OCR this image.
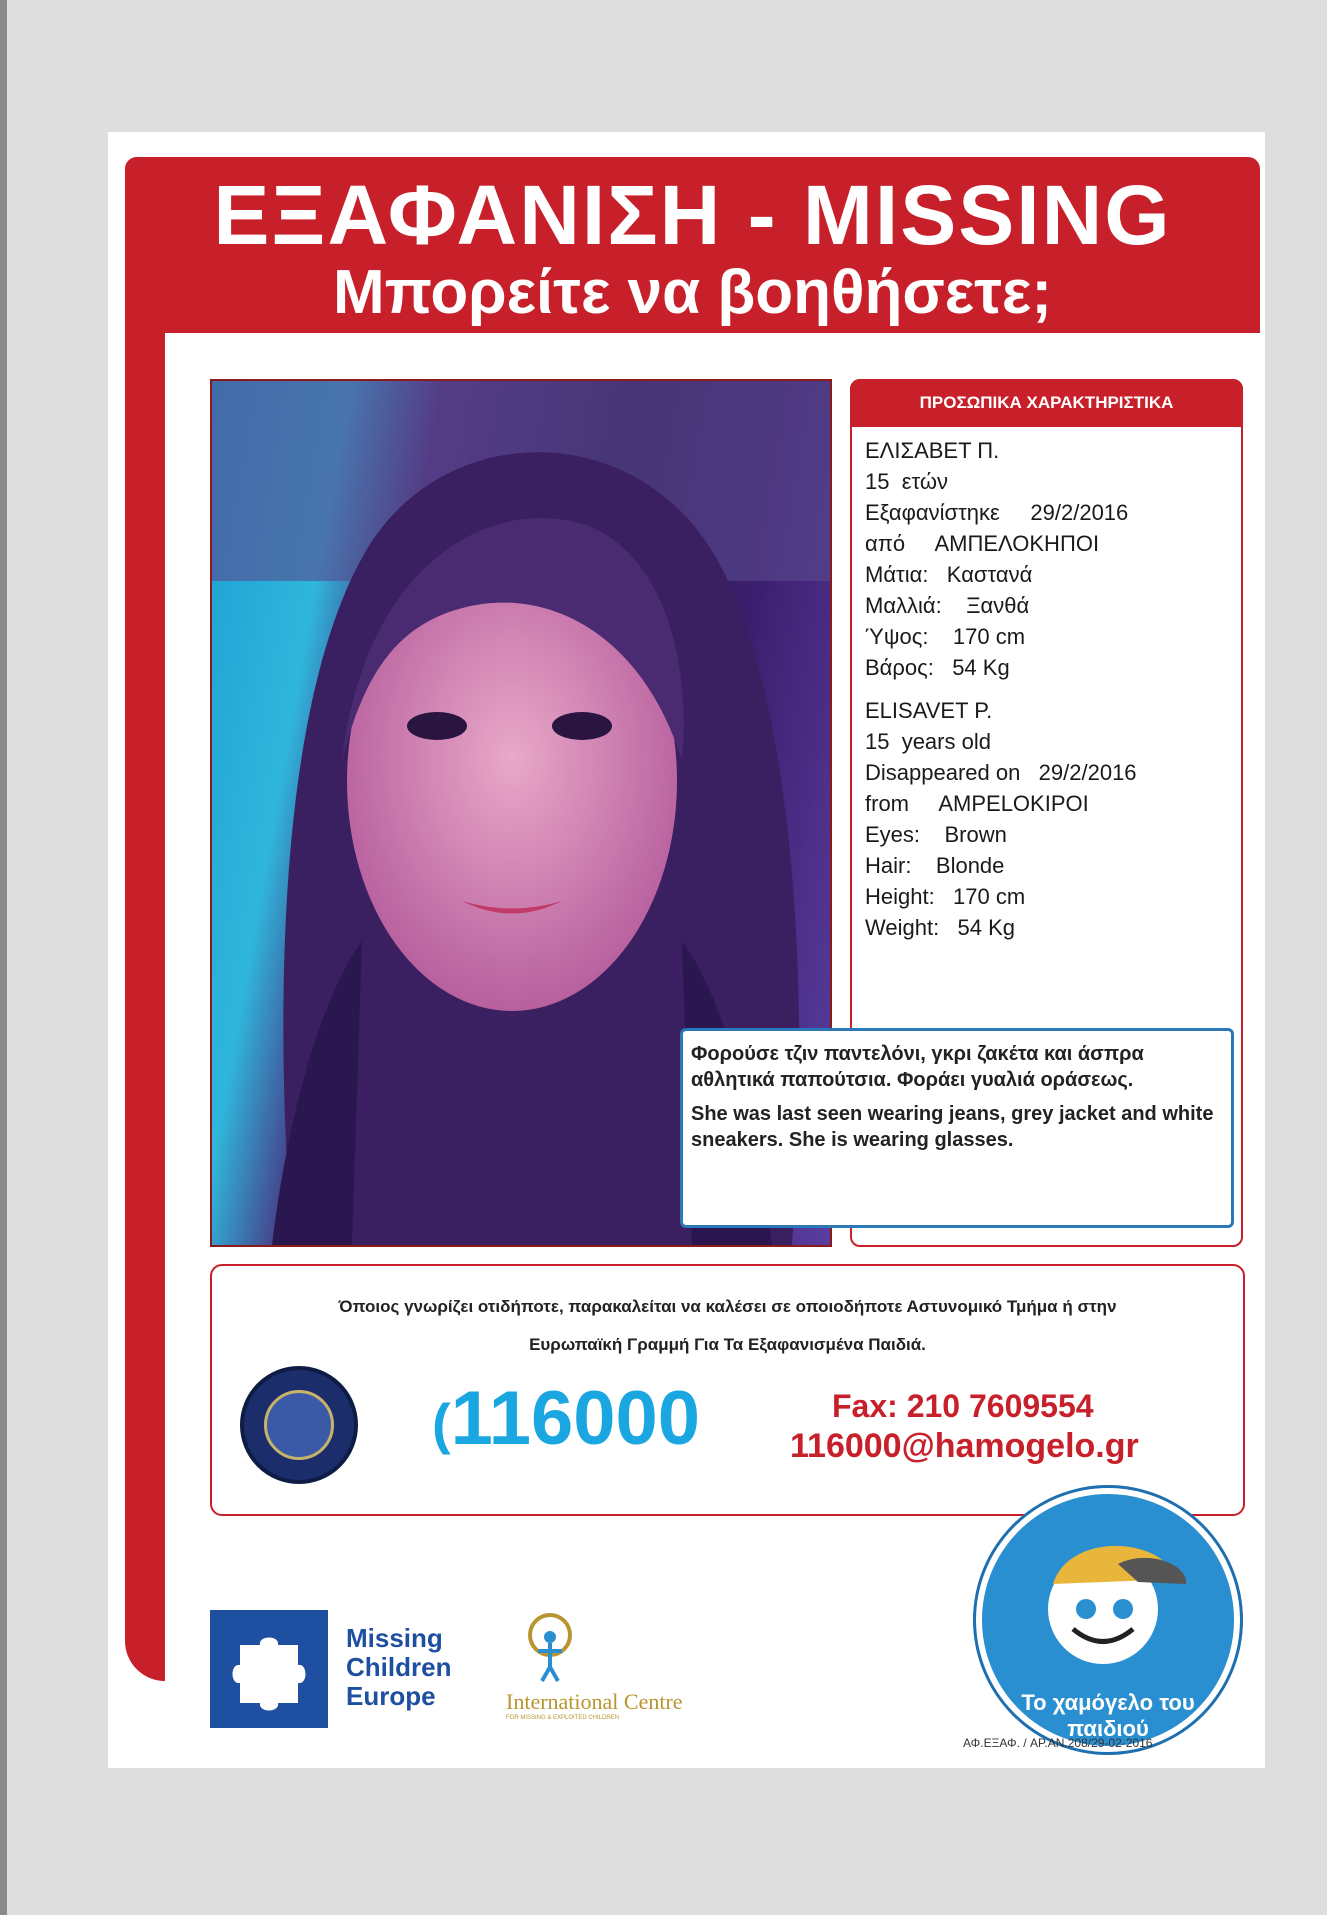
ΕΞΑΦΑΝΙΣΗ - MISSING
Μπορείτε να βοηθήσετε;
ΠΡΟΣΩΠΙΚΑ ΧΑΡΑΚΤΗΡΙΣΤΙΚΑ
ΕΛΙΣΑΒΕΤ Π.
15  ετών
Εξαφανίστηκε     29/2/2016
από     ΑΜΠΕΛΟΚΗΠΟΙ
Μάτια:   Καστανά
Μαλλιά:    Ξανθά
Ύψος:    170 cm
Βάρος:   54 Kg
ELISAVET P.
15  years old
Disappeared on   29/2/2016
from     AMPELOKIPOI
Eyes:    Brown
Hair:    Blonde
Height:   170 cm
Weight:   54 Kg

Φορούσε τζιν παντελόνι, γκρι ζακέτα και άσπρα αθλητικά παπούτσια. Φοράει γυαλιά οράσεως.

She was last seen wearing jeans, grey jacket and white sneakers. She is wearing glasses.

Όποιος γνωρίζει οτιδήποτε, παρακαλείται να καλέσει σε οποιοδήποτε Αστυνομικό Τμήμα ή στην
Ευρωπαϊκή Γραμμή Για Τα Εξαφανισμένα Παιδιά.
(116000	Fax: 210 7609554
116000@hamogelo.gr
Missing
Children
Europe	International Centre
FOR MISSING & EXPLOITED CHILDREN
Το χαμόγελο του παιδιού
ΑΦ.ΕΞΑΦ. / AP.AN.208/29-02-2016
